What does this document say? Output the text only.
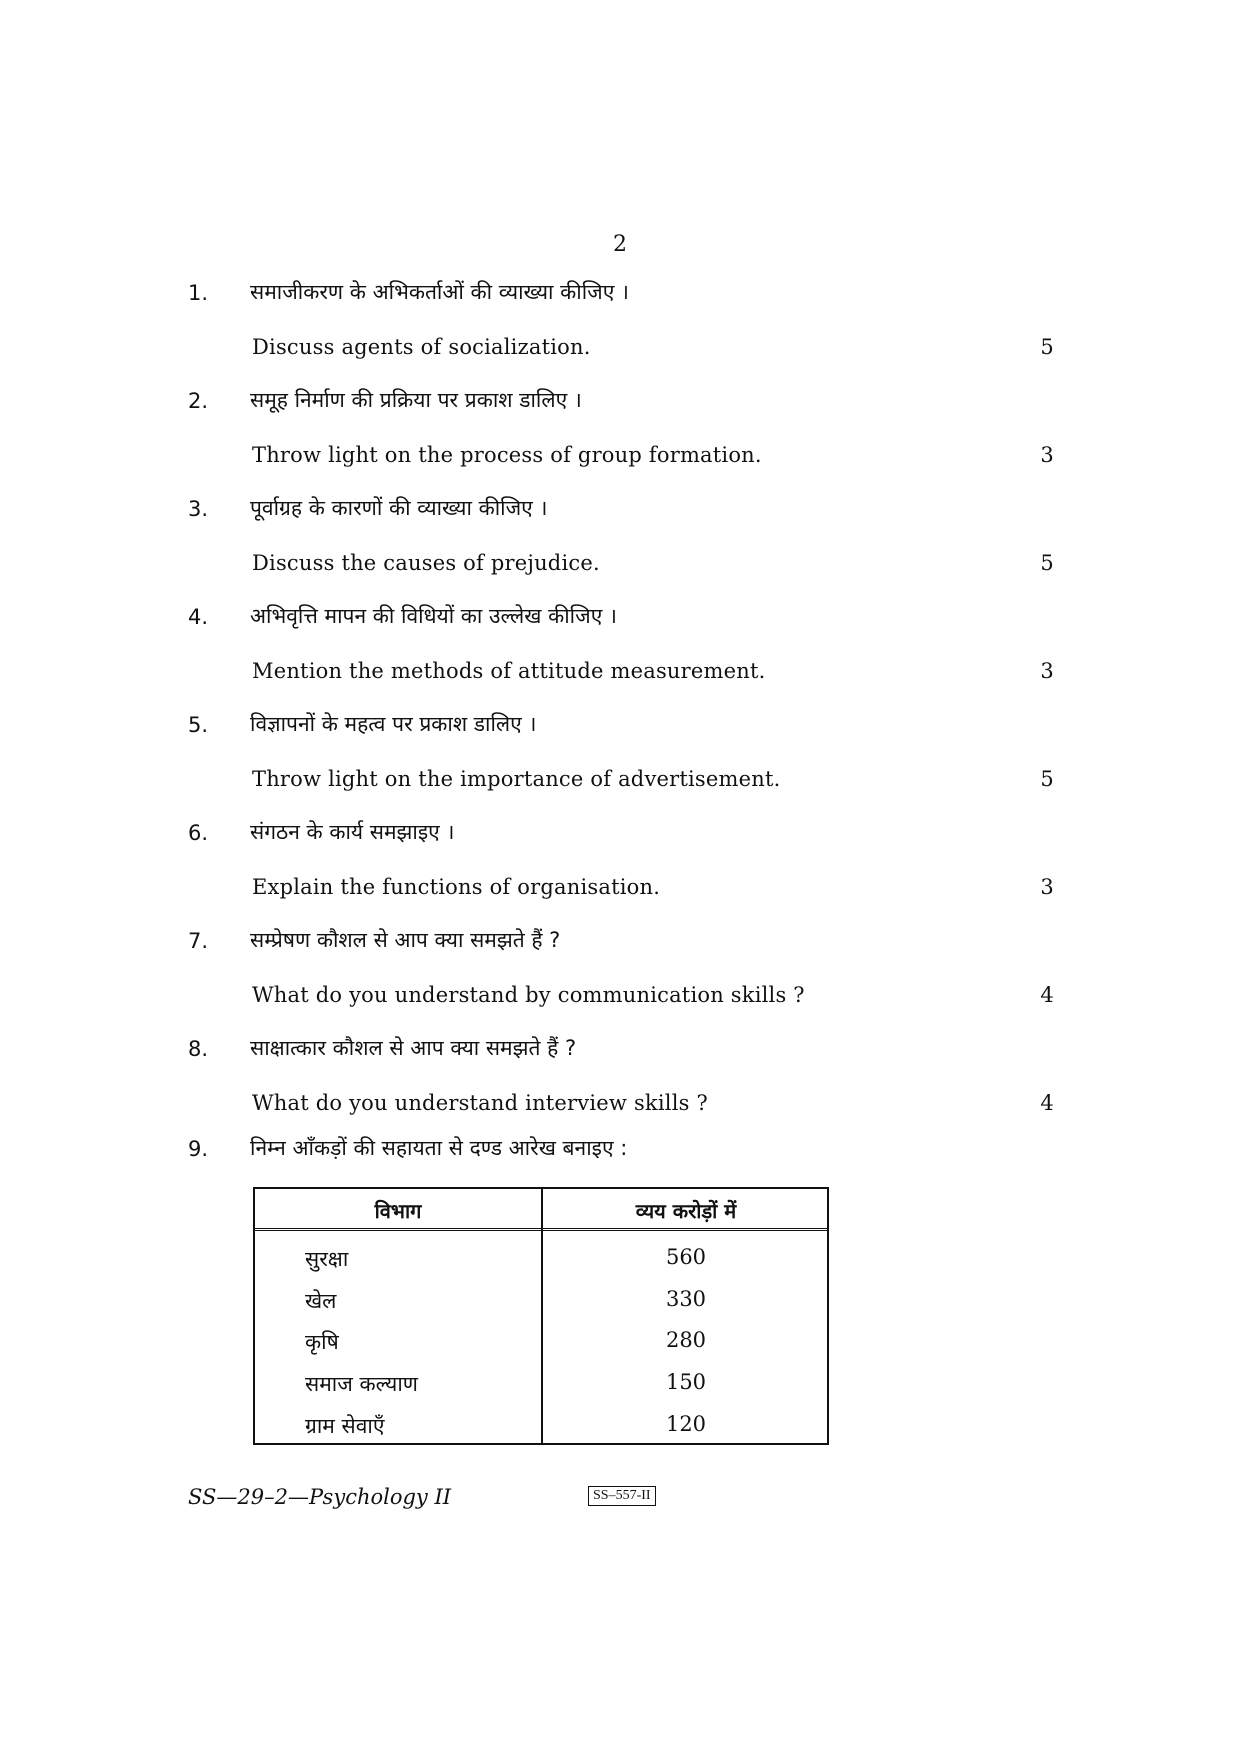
2
1. समाजीकरण के अभिकर्ताओं की व्याख्या कीजिए ।
Discuss agents of socialization.	5
2. समूह निर्माण की प्रक्रिया पर प्रकाश डालिए ।
Throw light on the process of group formation.	3
3. पूर्वाग्रह के कारणों की व्याख्या कीजिए ।
Discuss the causes of prejudice.	5
4. अभिवृत्ति मापन की विधियों का उल्लेख कीजिए ।
Mention the methods of attitude measurement.	3
5. विज्ञापनों के महत्व पर प्रकाश डालिए ।
Throw light on the importance of advertisement.	5
6. संगठन के कार्य समझाइए ।
Explain the functions of organisation.	3
7. सम्प्रेषण कौशल से आप क्या समझते हैं ?
What do you understand by communication skills ?	4
8. साक्षात्कार कौशल से आप क्या समझते हैं ?
What do you understand interview skills ?	4
9. निम्न आँकड़ों की सहायता से दण्ड आरेख बनाइए :
विभाग	व्यय करोड़ों में
सुरक्षा	560
खेल	330
कृषि	280
समाज कल्याण	150
ग्राम सेवाएँ	120
SS—29–2—Psychology II	SS–557-II
